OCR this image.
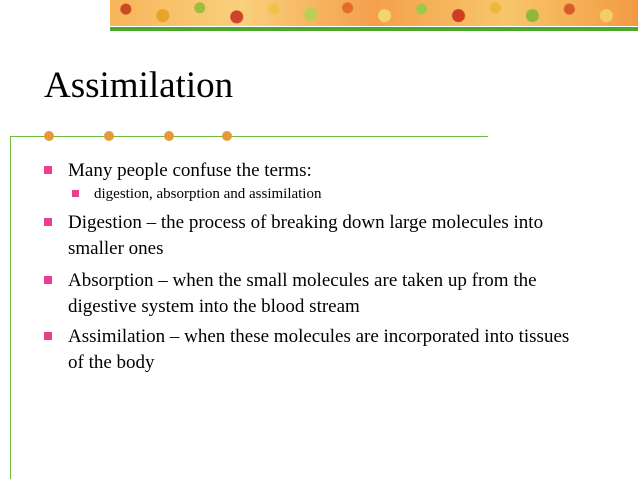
Assimilation
Many people confuse the terms:
digestion, absorption and assimilation
Digestion – the process of breaking down large molecules into smaller ones
Absorption – when the small molecules are taken up from the digestive system into the blood stream
Assimilation – when these molecules are incorporated into tissues of the body
